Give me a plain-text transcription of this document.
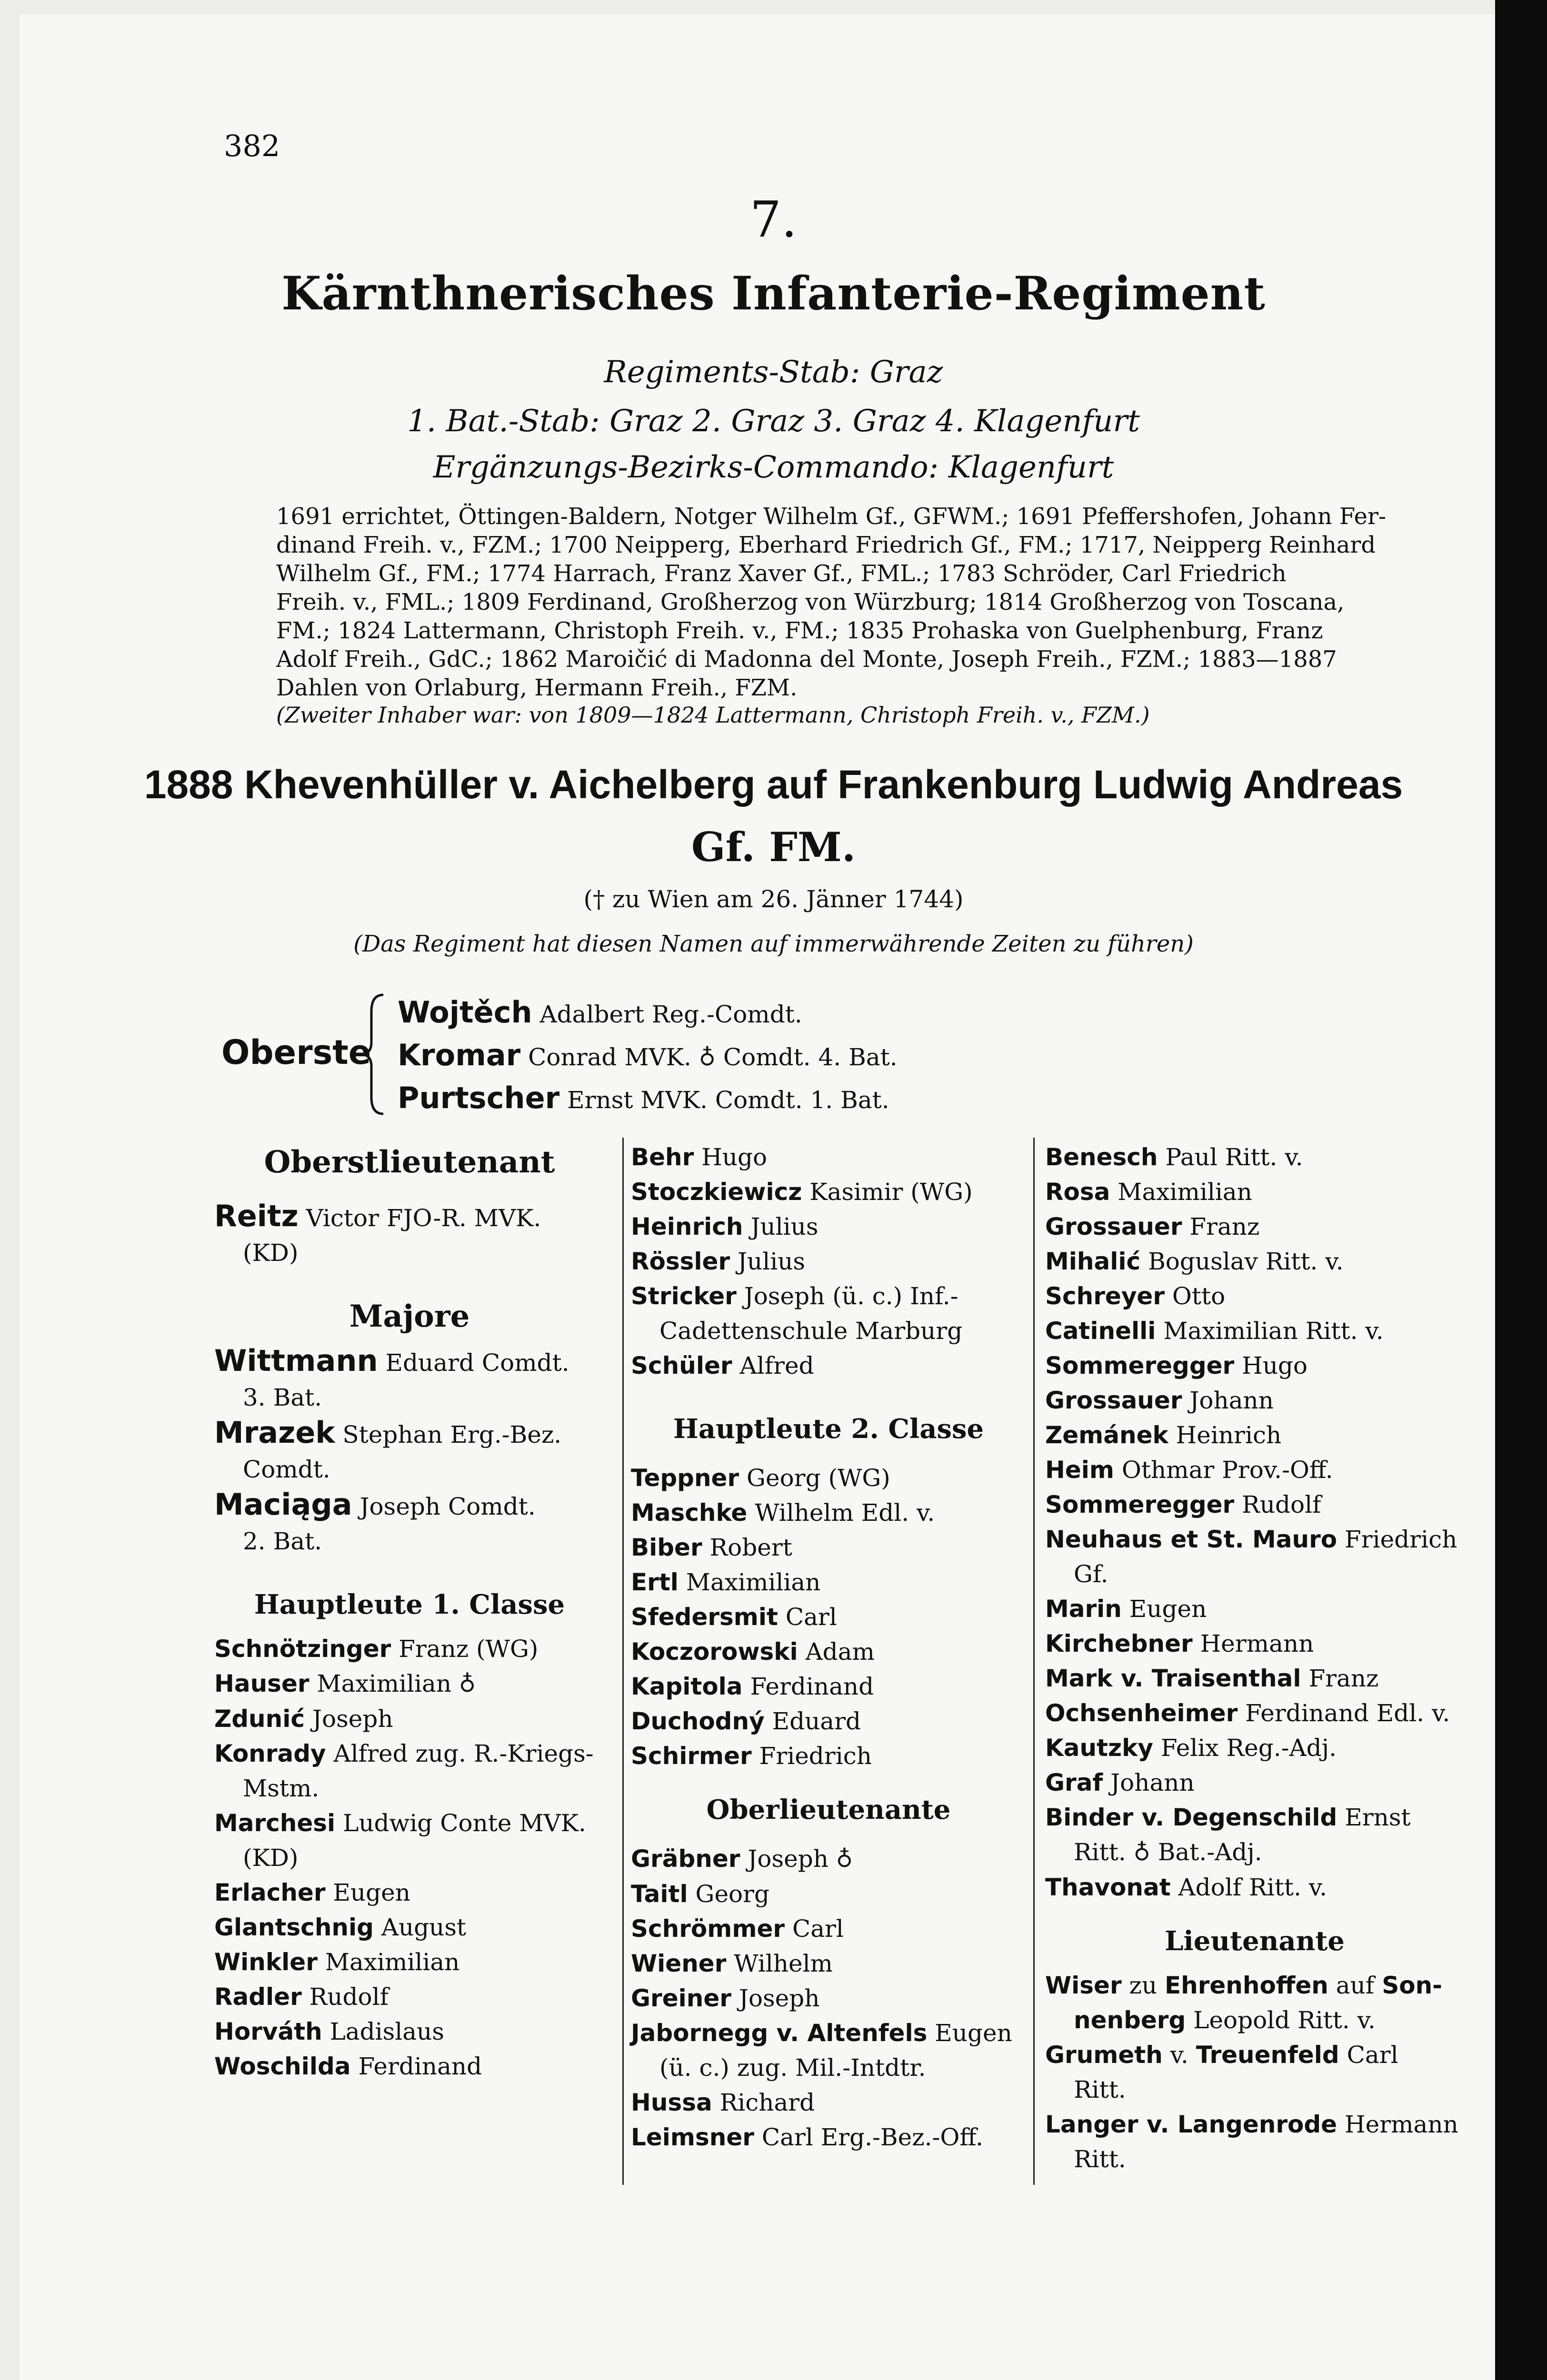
382
7.
Kärnthnerisches Infanterie-Regiment
Regiments-Stab: Graz
1. Bat.-Stab: Graz 2. Graz 3. Graz 4. Klagenfurt
Ergänzungs-Bezirks-Commando: Klagenfurt
1691 errichtet, Öttingen-Baldern, Notger Wilhelm Gf., GFWM.; 1691 Pfeffershofen, Johann Fer-
dinand Freih. v., FZM.; 1700 Neipperg, Eberhard Friedrich Gf., FM.; 1717, Neipperg Reinhard
Wilhelm Gf., FM.; 1774 Harrach, Franz Xaver Gf., FML.; 1783 Schröder, Carl Friedrich
Freih. v., FML.; 1809 Ferdinand, Großherzog von Würzburg; 1814 Großherzog von Toscana,
FM.; 1824 Lattermann, Christoph Freih. v., FM.; 1835 Prohaska von Guelphenburg, Franz
Adolf Freih., GdC.; 1862 Maroičić di Madonna del Monte, Joseph Freih., FZM.; 1883—1887
Dahlen von Orlaburg, Hermann Freih., FZM.
(Zweiter Inhaber war: von 1809—1824 Lattermann, Christoph Freih. v., FZM.)
1888 Khevenhüller v. Aichelberg auf Frankenburg Ludwig Andreas
Gf. FM.
(† zu Wien am 26. Jänner 1744)
(Das Regiment hat diesen Namen auf immerwährende Zeiten zu führen)
Oberste
Wojtěch Adalbert Reg.-Comdt.
Kromar Conrad MVK. ♁ Comdt. 4. Bat.
Purtscher Ernst MVK. Comdt. 1. Bat.
Oberstlieutenant
Reitz Victor FJO-R. MVK.
(KD)
Majore
Wittmann Eduard Comdt.
3. Bat.
Mrazek Stephan Erg.-Bez.
Comdt.
Maciąga Joseph Comdt.
2. Bat.
Hauptleute 1. Classe
Schnötzinger Franz (WG)
Hauser Maximilian ♁
Zdunić Joseph
Konrady Alfred zug. R.-Kriegs-
Mstm.
Marchesi Ludwig Conte MVK.
(KD)
Erlacher Eugen
Glantschnig August
Winkler Maximilian
Radler Rudolf
Horváth Ladislaus
Woschilda Ferdinand
Behr Hugo
Stoczkiewicz Kasimir (WG)
Heinrich Julius
Rössler Julius
Stricker Joseph (ü. c.) Inf.-
Cadettenschule Marburg
Schüler Alfred
Hauptleute 2. Classe
Teppner Georg (WG)
Maschke Wilhelm Edl. v.
Biber Robert
Ertl Maximilian
Sfedersmit Carl
Koczorowski Adam
Kapitola Ferdinand
Duchodný Eduard
Schirmer Friedrich
Oberlieutenante
Gräbner Joseph ♁
Taitl Georg
Schrömmer Carl
Wiener Wilhelm
Greiner Joseph
Jabornegg v. Altenfels Eugen
(ü. c.) zug. Mil.-Intdtr.
Hussa Richard
Leimsner Carl Erg.-Bez.-Off.
Benesch Paul Ritt. v.
Rosa Maximilian
Grossauer Franz
Mihalić Boguslav Ritt. v.
Schreyer Otto
Catinelli Maximilian Ritt. v.
Sommeregger Hugo
Grossauer Johann
Zemánek Heinrich
Heim Othmar Prov.-Off.
Sommeregger Rudolf
Neuhaus et St. Mauro Friedrich
Gf.
Marin Eugen
Kirchebner Hermann
Mark v. Traisenthal Franz
Ochsenheimer Ferdinand Edl. v.
Kautzky Felix Reg.-Adj.
Graf Johann
Binder v. Degenschild Ernst
Ritt. ♁ Bat.-Adj.
Thavonat Adolf Ritt. v.
Lieutenante
Wiser zu Ehrenhoffen auf Son-
nenberg Leopold Ritt. v.
Grumeth v. Treuenfeld Carl
Ritt.
Langer v. Langenrode Hermann
Ritt.
